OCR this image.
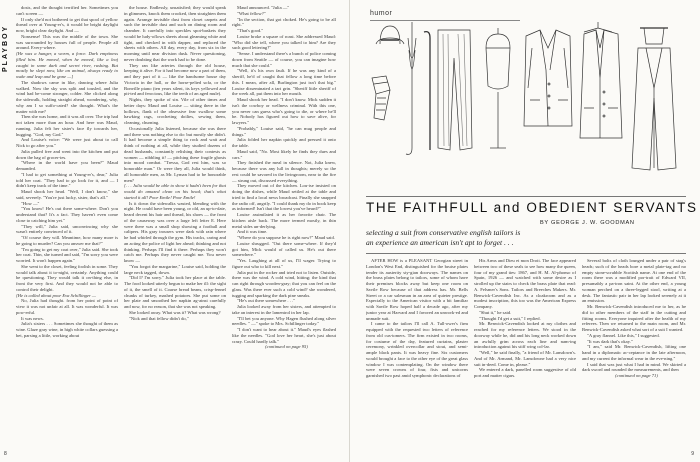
PLAYBOY

dosis, and the thought terrified her. Sometimes you can't screen —

If only she'd not bothered to get that spool of yellow thread over at Young-er's, it would be bright daylight now, bright clear daylight. And —

Nonsense! This was the middle of the town. She was surrounded by houses full of people. People all around. Every-where.

[He was a hunger, a worm, a force. Dark emptiness filled him. He moved, when he moved, like a leaf caught in some dark and secret river, rushing. But mostly he slept now, like an animal, always ready to wake and leap and be gone —]

The shadows came in like, dancing where Julia walked. Now the sky was split and tousled, and the wind had be-come stronger, colder. She clicked along the sidewalk, holding straight ahead, wondering, why, why am I so suffo-cated? she thought. What's the matter with me?

Then she was home, and it was all over. The trip had not taken more than an hour. And here was Maud, running. Julia felt her sister's face fly towards her, hugging. "God, my God."

And Louise's voice: "We were just about to call Nick to go after you."

Julia pulled free and went into the kitchen and put down the bag of grocer-ies.

"Where in the world have you been?" Maud demanded.

"I had to get something at Young-er's, dear," Julia told her coat. "They had to go look for it, and — I didn't keep track of the time."

Maud shook her head. "Well, I don't know," she said, severely. "You're just lucky, sister, that's all."

"How —"

"You know! He's out there some-where. Don't you understand that? It's a fact. They haven't even come close to catching him yet."

"They will," Julia said, unconvincing why she wasn't entirely convinced of it.

"Of course they will. Meantime, how many more is he going to murder? Can you answer me that?"

"I'm going to get my coat over," Julia said. She took her coat. Thin, she turned and said, "I'm sorry you were worried. It won't happen again."

She went to the closet, feeling foolish in some. They would talk about it to-night, certainly. Anything could be questioning. They would talk it on-thing else, in front the very first. And they would not be able to control their delight.

[He is called about poor Eva Schillinger —

No, Julia had thought. from her point of point of view it was not unfair at all. It was wonderful. It was pow-erful.

It was news.

Julia's sisters . . . Sometimes she thought of them as wine. Glaze gray wine, in high white collars guessing a bet, parsing a little, working about

the house. Endlessly, unsatisfied; they would speak in glimmers, knock them crooked, then straighten them again. Arrange invisible dust from closet carpets and such the invisible dust and such on dining room and chamber. It carefully into speckles spot-baskets they would be ludy-oflows sheets about gleaming white and tight, and checked in with dapper, and replaced the sheets with others. All day, every day, from six in the morning until near division dusk. Never questioning, never doubting that the work had to be done.

They ran like arteries through the old house, keeping it alive. For it had become now a part of them, and they part of it — like the handsome house day Victoria in the hall, or the horse-pelted sofa, or the Bonville piano (ten years silent, its keys yellowed and pit-ted and ferocious, like the teeth of an aged mule).

Nights, they spoke of sin. Vile of other times and better days: Maud and Louise — sitting there in the hollows, flank of the obsessive fear swallow some hawking rags, crocheting doilies, sewing them, cleaning, churning.

Occasionally Julia listened, because she was there and there was nothing else to do: but mostly she didn't. It had become a simple thing to rock and wait and think of nothing at all, while they studied dozens of dead husbands, constantly relishing their contests as women — nibbling it! — pitching these fragile ghosts into mood combat. "Tressa, God rest him, was so honorable man." Or were they all, Julia would think, all honorable men, as Mr. Lyman had to be honorable men?

[. . . Julia would be able to show it hadn't been for that would do amazed clean on his head; that's what started it all! Poor Emile! Poor Emile!

Is it down the sidewalks wasted, blending with the night. He could have been young, or old, an up-to-date, heard decent his hair and thread, his shoes — the front of the causeway was over a large left letter E. Here were there was a small shop showing a football and calipers. His gray trousers were dark with rain where he had whirled through the gym. His tracks, caring and an acting the police of light her ahead; thinking and not thinking. Perhaps I'll find it there. Perhaps they won't catch me. Perhaps they never caught me. You never know —

"You forgot the margarine," Louise said, holding the large neck tagged, down.

"Did I? I'm sorry." Julia took her place at the table. The food looked utterly begun to make her ill: the sight of it, the smell of it. Coarse bread beans, crisp-fennel chunks of turkey, mashed potatoes. She put some on her plate and smoothed her napkin ag-ainst carefully and now, for no reason, that she was not speaking.

She looked away. What was it? What was wrong?

"Nick and that fellow didn't do,"

Maud announced. "Julia —"

"What fellow?"

"In the section, that got choked. He's going to be all right."

"That's good."

Louise broke a square of roast. She addressed Maud: "Who did she tell, where you talked to him? Are they such good lettering?"

"Sense. I understand there's a bunch of police coming down from Seattle — of course, you can imagine how much that she could."

"Well, it's his own fault. If he was any kind of a sheriff, he'd of caught that fellow a long time before this. I mean, after all, Burlington just isn't that big." Louise disseminated a tart grin. "Sheriff little sheriff of the week all, put them into her mouth.

Maud shook her head. "I don't know. Mick sudden it isn't the cowboy or wellness criminal. With this one, you never can guess who's going to die, or where he'll be. Nobody has figured out how to save alive, for lawyers."

"Probably," Louise said, "he can mug people and things."

Julia folded her napkin quickly and pressed it onto the table.

Maud said, "No. Most likely he finds they dues and cars."

They finished the meal in silence. Not, Julia knew, because there was any lull in thoughts; merely so the rest could be savored in the livingroom, near to the fire — strung out, discussed everything.

They moved out of the kitchen. Lou-ise insisted on doing the dishes, while Maud settled at the table and tried to find a local news broadcast. Finally she snapped the radio off, angrily. "I could thank my do in book keep as informed! Isn't that the lowest you've heard?"

Louise assimilated it as her favorite chair. The kitchen aisle back. The more termed mostly, in thin metal sides un-derlying.

And it was time.

"Where do you suppose he is right now?" Maud said.

Louise shrugged. "Out there some-where. If they'd got him, Mick would of called us. He's out there somewhere."

"Yes. Laughing at all of us, I'll wager. Trying to figure out who to kill next."

Julia put in the rocker and tried not to listen. Outside, there was the wind. A cold wind, hitting; the kind that can right through wooden-gray; that you can feel on the glass. Was there ever such a cold wind? she wondered, tugging and sparking the dark pine sneaks.

"He's out there somewhere . . ."

Julia looked away from her sisters, and attempted to take an interest in the lamentrol in her lap.

"I'll bet you anyone. Why Hagen flushed along silver needles. " —" spoke to Mrs. Schillinger today."

"I don't want to hear about it." Maud's eyes flashed like the needles. "God love her heart, she's just about crazy. Could hardly talk."

(continued on page 95)

8
humor
THE FAITHFULL and OBEDIENT SERVANTS
BY GEORGE J. W. GOODMAN
selecting a suit from conservative english tailors is
an experience an american isn't apt to forget . . .

AFTER HOW is a PLEASANT Georgian street in London's West End, distinguished for the bruise plates tender its austerity sty-gian doorways. The names on the brass plates belong to tailors, some of whom have their premises blocks away but keep one room on Savile Row because of that address has. Mr. Bells Street or a car salesman in an area of quieter prestige. Especially to the American visitor with a bit familiar with Savile Row hoped half a decade ago, after my junior year at Harvard and I favored an unwork-ed and unmade suit.

I came to the tailors I'll call A. Tull-ower's firm equipped with the requested two letters of reference from old cus-tomers. The firm existed in two rooms, for costume of the day, featured curtains, plaster ceremony, wrinkled overcollar and stout, and semi-ample black pants. It was heavy fine. Six customers would brought a face to the other eye of the great glass window I was contemplating. On the window there were seven crowns of four, fists and unicorns garnished two past amid symphonic declarations of

His Arms and Dieu et mon Droit. The face appeared between two of these seals to see how many the queen, four of my grand ties: 1867, and H. M. Al-phonso of Spain, 1926 — and watched with some desire as I strolled up the stairs to check the brass plate that read: A. Felsmer's Sons. Tailors and Breeches Makers. Mr. Benwick-Cavendish Inc. As a cloakroom and as a modest inscription, this too was the American Express Company.

"Shut it," he said.

"Thought I'd get a suit," I replied.

Mr. Benwick-Cavendish looked at my clothes and reached for my reference letters. We stood in the doorway while he, did and his long neck worked down an awfully grim across each line and nam-ing introduction against his stiff wing col-lar.

"Well," he said finally, "a friend of Mr. Lansdown's. And of Mr. Armand, Mr. Lansdowne had a very nice suit in-deed. Come in, please."

We entered a dark, panelled room suggestive of old port and matter cigars.

Several bolts of cloth lounged under a pair of stag's heads; such of the heads bore a metal plate-tag and no empty stone-scrubble Scottish name. At one end of the room there was a modified por-trait of Edward VII, presumably a pa-tron saint. At the other end, a young woman perched on a three-legged stool, writing at a desk. The fantastic pair in her lap looked serenely at it an emission.

Mr. Benwick-Cavendish introduced me to her, as he did to other members of the staff in the cutting and fitting rooms. Everyone inquired after the health of my referees. Then we returned to the main room, and Mr. Benwick-Cavendish asked what sort of a suit I wanted.

"A gray flannel. Like this," I suggested.

"It was dark that's okay."

"I am," said Mr. Benwick-Cavendish, lifting one hand in a diplomatic ac-ceptance in the late afternoon, and my current the informal wear in the eve-ning."

I said that was just what I had in mind. We skirted a dark sword and rounded the measurements, and then

(continued on page 71)

9
